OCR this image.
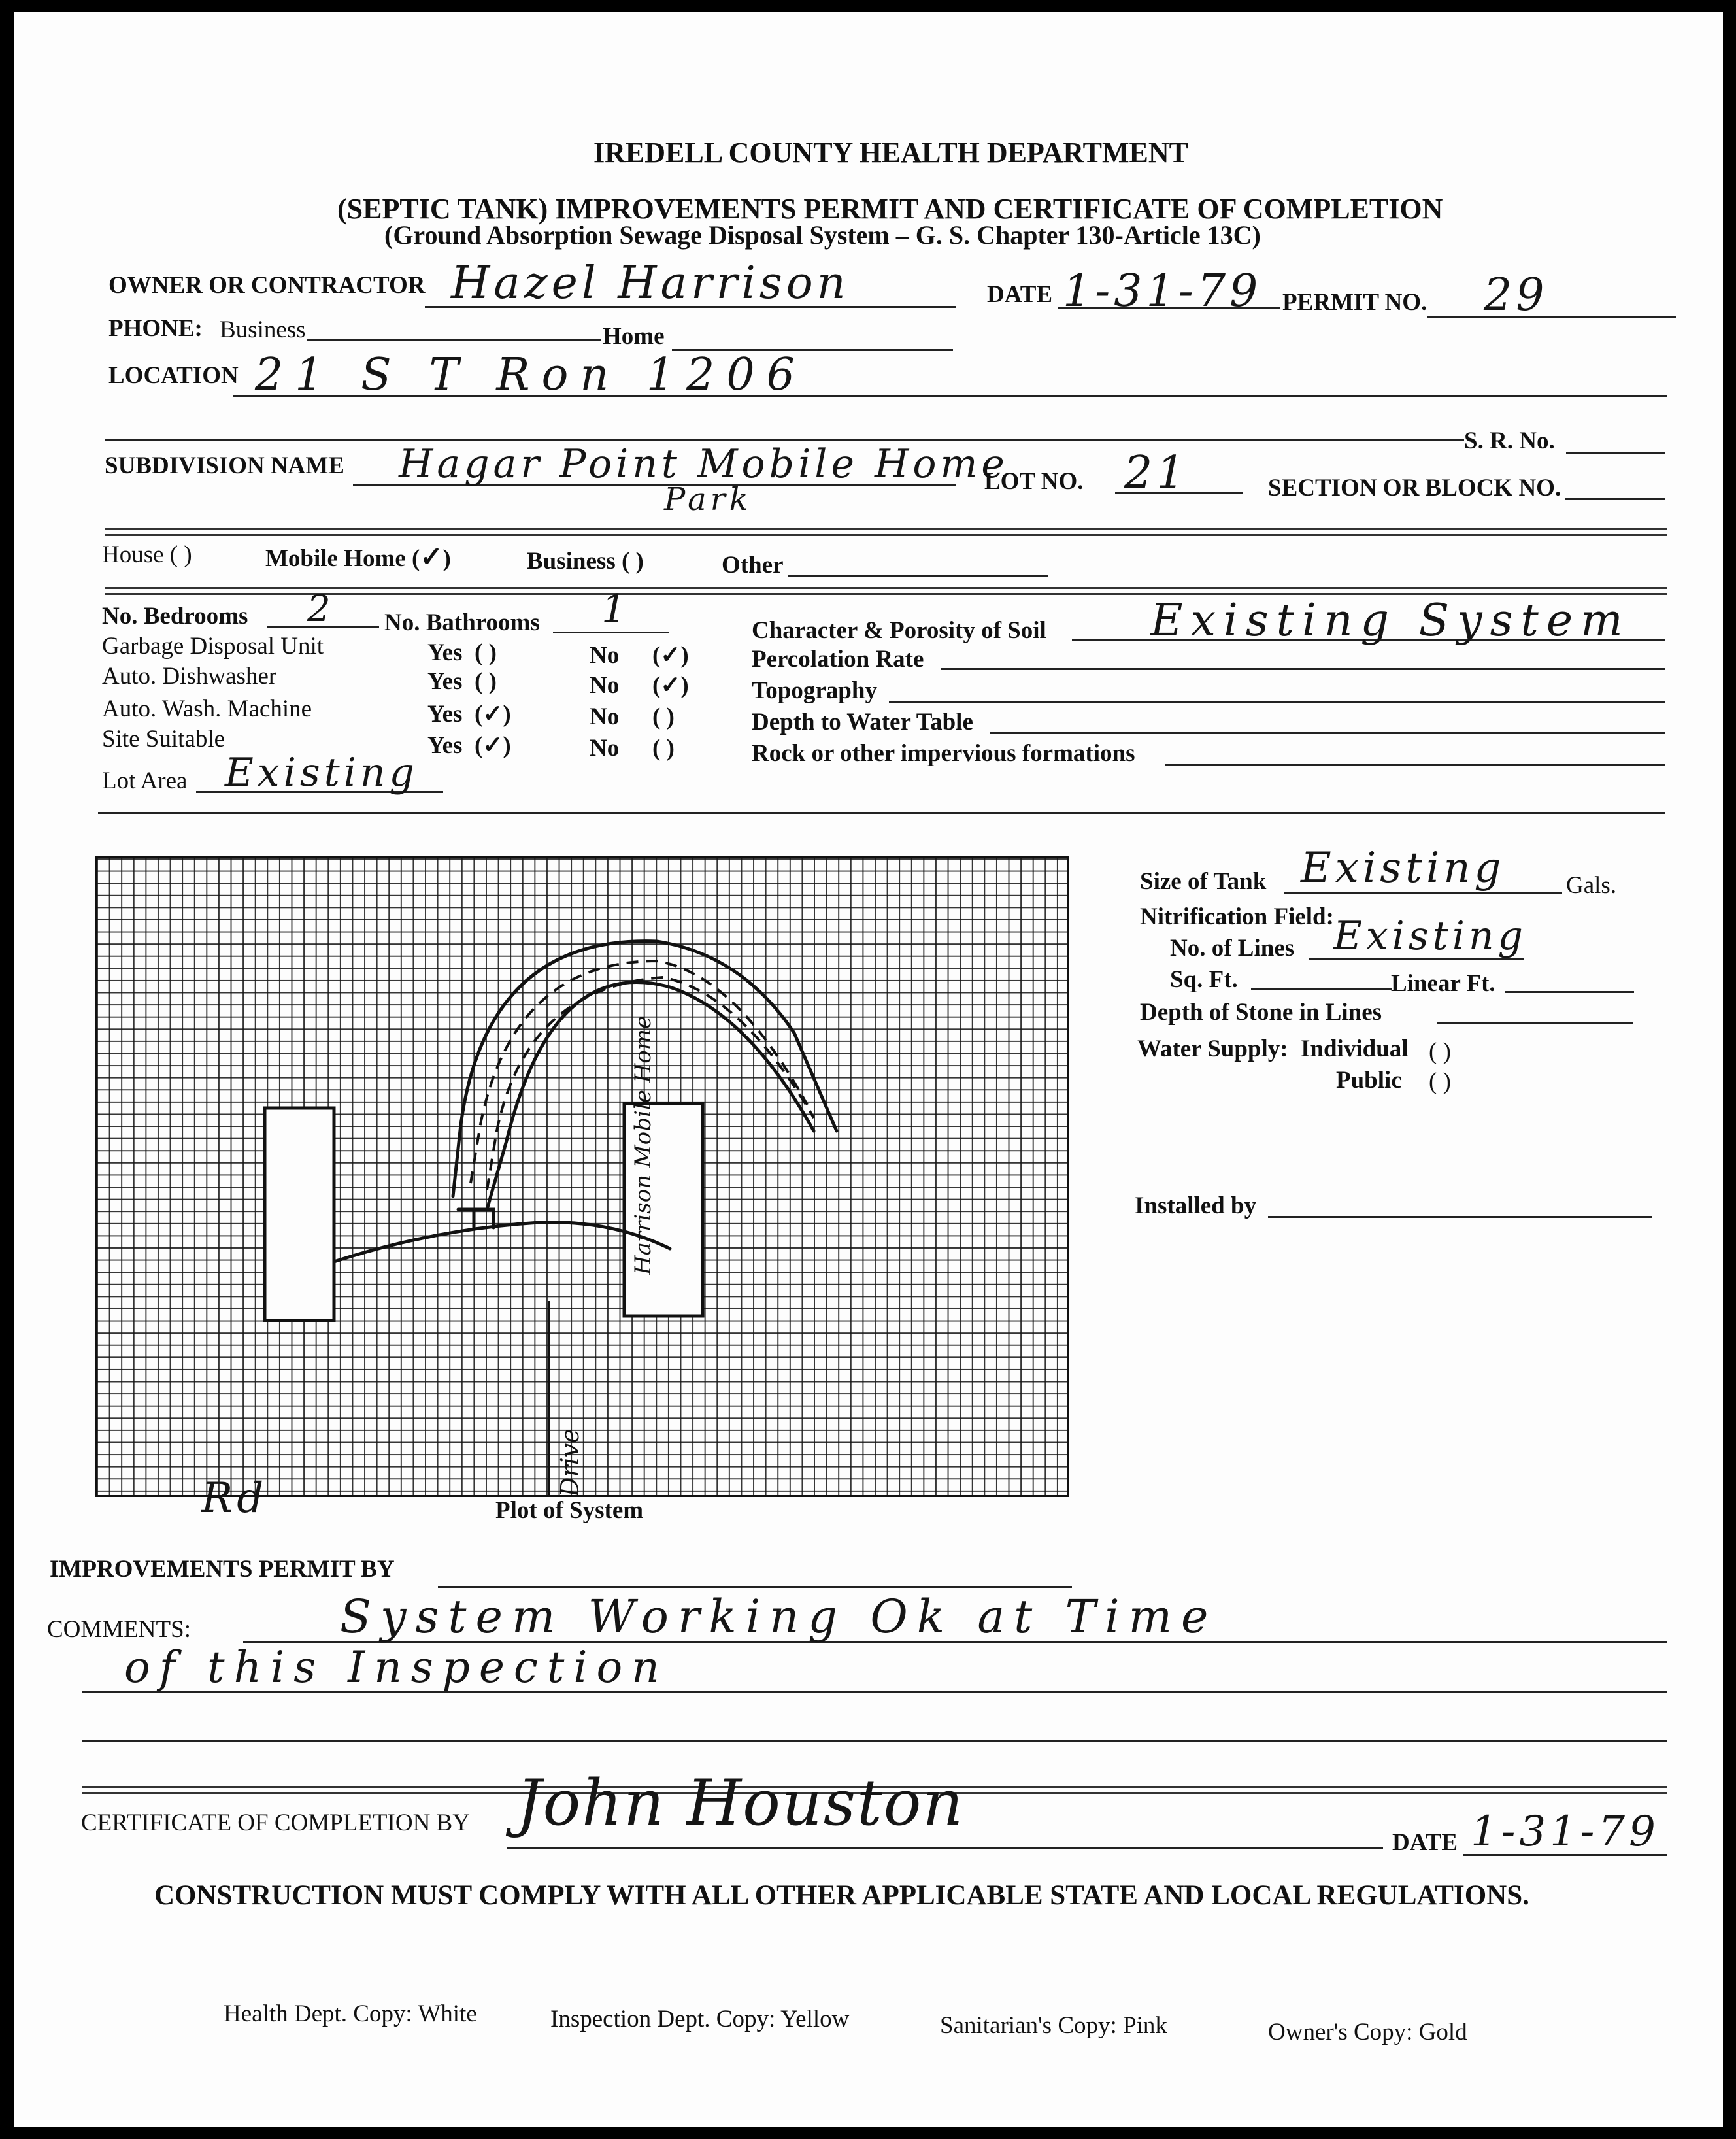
IREDELL COUNTY HEALTH DEPARTMENT
(SEPTIC TANK) IMPROVEMENTS PERMIT AND CERTIFICATE OF COMPLETION
(Ground Absorption Sewage Disposal System – G. S. Chapter 130-Article 13C)
OWNER OR CONTRACTOR Hazel Harrison	DATE 1-31-79 PERMIT NO. 29
PHONE: Business	Home
LOCATION 21 S T Ron 1206
S. R. No.
SUBDIVISION NAME Hagar Point Mobile Home
Park	LOT NO. 21	SECTION OR BLOCK NO.
House ( )	Mobile Home (✓)	Business ( )	Other
No. Bedrooms 2 No. Bathrooms 1
Garbage Disposal Unit	Yes ( )	No (✓)
Auto. Dishwasher	Yes ( )	No (✓)
Auto. Wash. Machine	Yes (✓)	No ( )
Site Suitable	Yes (✓)	No ( )
Lot Area Existing
Character & Porosity of Soil Existing System
Percolation Rate
Topography
Depth to Water Table
Rock or other impervious formations
Harrison Mobile Home
Drive
Rd	Plot of System
Size of Tank Existing	Gals.
Nitrification Field:
No. of Lines Existing
Sq. Ft.	Linear Ft.
Depth of Stone in Lines
Water Supply: Individual ( )
Public ( )
Installed by
IMPROVEMENTS PERMIT BY
COMMENTS:	System Working Ok at Time
of this Inspection
CERTIFICATE OF COMPLETION BY John Houston
DATE 1-31-79
CONSTRUCTION MUST COMPLY WITH ALL OTHER APPLICABLE STATE AND LOCAL REGULATIONS.
Health Dept. Copy: White	Inspection Dept. Copy: Yellow	Sanitarian's Copy: Pink	Owner's Copy: Gold
